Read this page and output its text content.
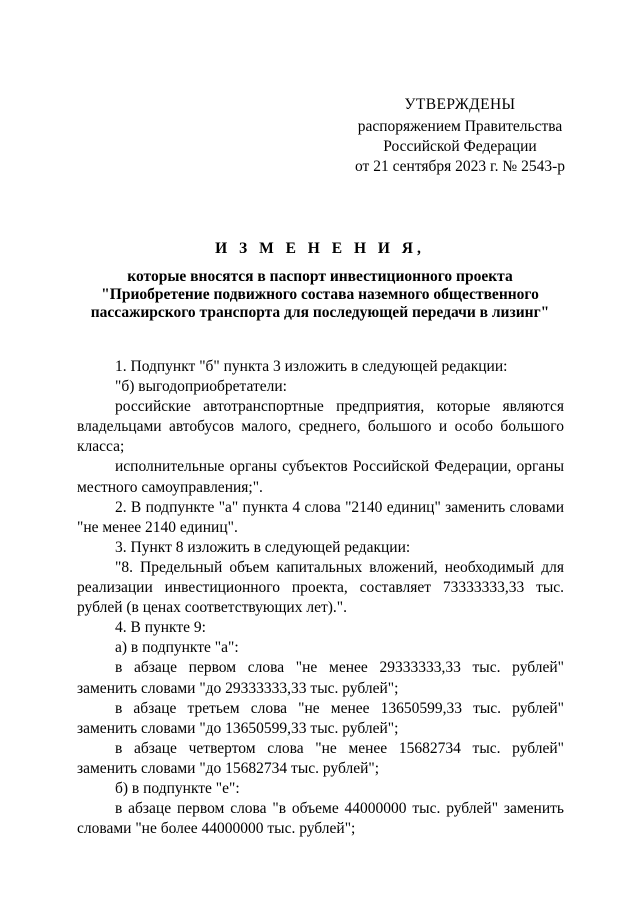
УТВЕРЖДЕНЫ
распоряжением Правительства
Российской Федерации
от 21 сентября 2023 г. № 2543-р
И З М Е Н Е Н И Я,
которые вносятся в паспорт инвестиционного проекта
"Приобретение подвижного состава наземного общественного
пассажирского транспорта для последующей передачи в лизинг"

1. Подпункт "б" пункта 3 изложить в следующей редакции:

"б) выгодоприобретатели:

российские автотранспортные предприятия, которые являются владельцами автобусов малого, среднего, большого и особо большого класса;

исполнительные органы субъектов Российской Федерации, органы местного самоуправления;".

2. В подпункте "а" пункта 4 слова "2140 единиц" заменить словами "не менее 2140 единиц".

3. Пункт 8 изложить в следующей редакции:

"8. Предельный объем капитальных вложений, необходимый для реализации инвестиционного проекта, составляет 73333333,33 тыс. рублей (в ценах соответствующих лет).".

4. В пункте 9:

а) в подпункте "а":

в абзаце первом слова "не менее 29333333,33 тыс. рублей" заменить словами "до 29333333,33 тыс. рублей";

в абзаце третьем слова "не менее 13650599,33 тыс. рублей" заменить словами "до 13650599,33 тыс. рублей";

в абзаце четвертом слова "не менее 15682734 тыс. рублей" заменить словами "до 15682734 тыс. рублей";

б) в подпункте "е":

в абзаце первом слова "в объеме 44000000 тыс. рублей" заменить словами "не более 44000000 тыс. рублей";
